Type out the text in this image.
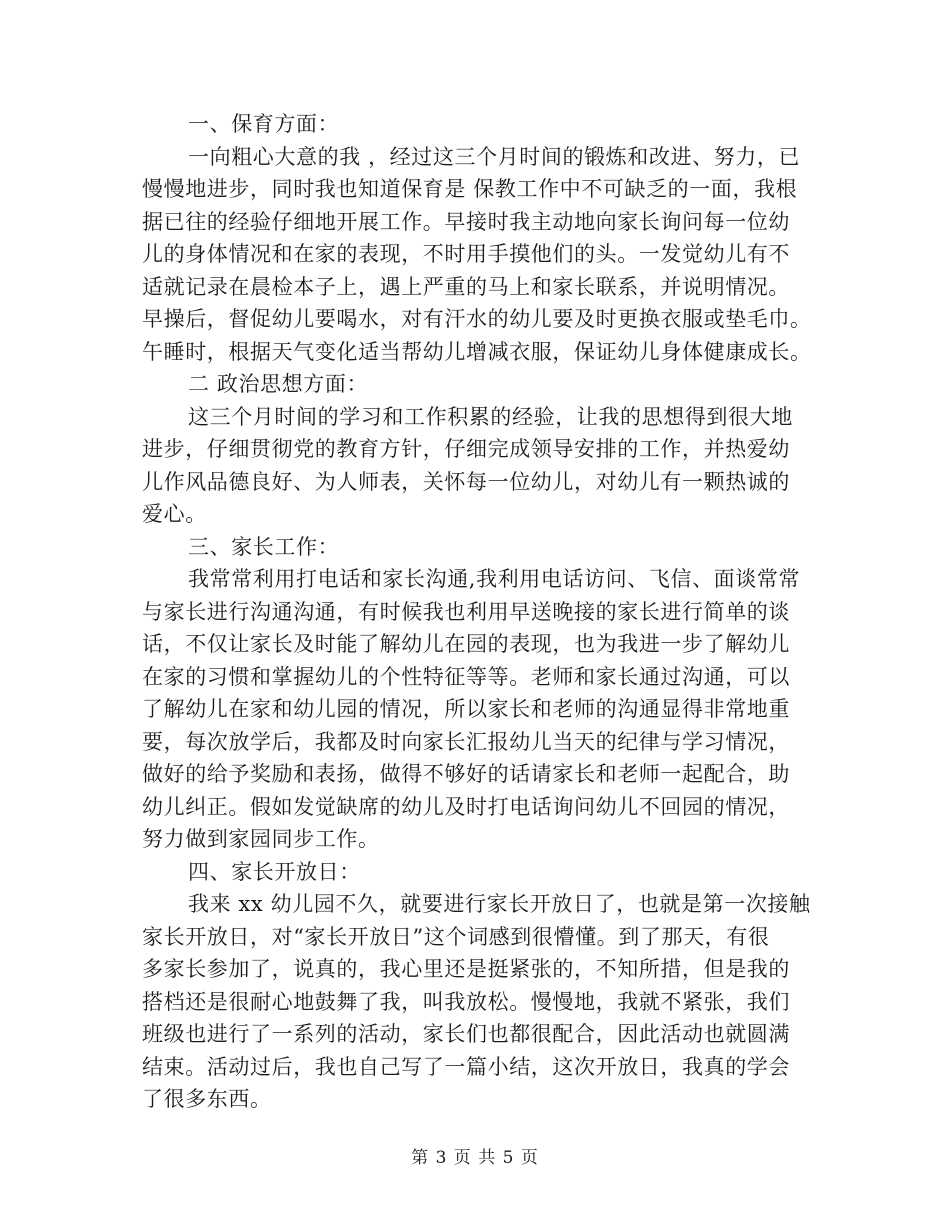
一、保育方面：
一向粗心大意的我 ，经过这三个月时间的锻炼和改进、努力，已
慢慢地进步，同时我也知道保育是 保教工作中不可缺乏的一面，我根
据已往的经验仔细地开展工作。早接时我主动地向家长询问每一位幼
儿的身体情况和在家的表现，不时用手摸他们的头。一发觉幼儿有不
适就记录在晨检本子上，遇上严重的马上和家长联系，并说明情况。
早操后，督促幼儿要喝水，对有汗水的幼儿要及时更换衣服或垫毛巾。
午睡时，根据天气变化适当帮幼儿增减衣服，保证幼儿身体健康成长。
二 政治思想方面：
这三个月时间的学习和工作积累的经验，让我的思想得到很大地
进步，仔细贯彻党的教育方针，仔细完成领导安排的工作，并热爱幼
儿作风品德良好、为人师表，关怀每一位幼儿，对幼儿有一颗热诚的
爱心。
三、家长工作：
我常常利用打电话和家长沟通,我利用电话访问、飞信、面谈常常
与家长进行沟通沟通，有时候我也利用早送晚接的家长进行简单的谈
话，不仅让家长及时能了解幼儿在园的表现，也为我进一步了解幼儿
在家的习惯和掌握幼儿的个性特征等等。老师和家长通过沟通，可以
了解幼儿在家和幼儿园的情况，所以家长和老师的沟通显得非常地重
要，每次放学后，我都及时向家长汇报幼儿当天的纪律与学习情况，
做好的给予奖励和表扬，做得不够好的话请家长和老师一起配合，助
幼儿纠正。假如发觉缺席的幼儿及时打电话询问幼儿不回园的情况，
努力做到家园同步工作。
四、家长开放日：
我来 xx 幼儿园不久，就要进行家长开放日了，也就是第一次接触
家长开放日，对“家长开放日”这个词感到很懵懂。到了那天，有很
多家长参加了，说真的，我心里还是挺紧张的，不知所措，但是我的
搭档还是很耐心地鼓舞了我，叫我放松。慢慢地，我就不紧张，我们
班级也进行了一系列的活动，家长们也都很配合，因此活动也就圆满
结束。活动过后，我也自己写了一篇小结，这次开放日，我真的学会
了很多东西。
第 3 页 共 5 页
